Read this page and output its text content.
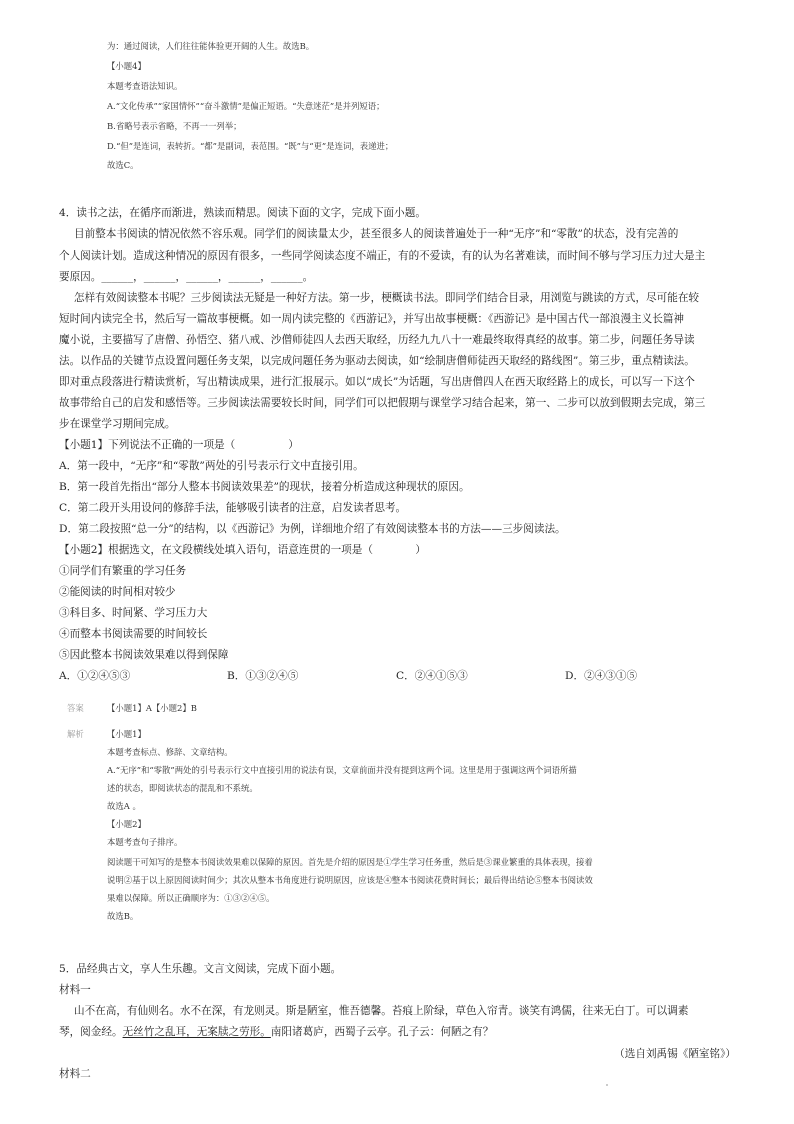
为：通过阅读，人们往往能体验更开阔的人生。故选B。
【小题4】
本题考查语法知识。
A.“文化传承”“家国情怀”“奋斗激情”是偏正短语。“失意迷茫”是并列短语；
B.省略号表示省略，不再一一列举；
D.“但”是连词，表转折。“都”是副词，表范围。“既”与“更”是连词，表递进；
故选C。
4．读书之法，在循序而渐进，熟读而精思。阅读下面的文字，完成下面小题。
目前整本书阅读的情况依然不容乐观。同学们的阅读量太少，甚至很多人的阅读普遍处于一种“无序”和“零散”的状态，没有完善的
个人阅读计划。造成这种情况的原因有很多，一些同学阅读态度不端正，有的不爱读，有的认为名著难读，而时间不够与学习压力过大是主
要原因。______，______，______，______，______。
怎样有效阅读整本书呢？三步阅读法无疑是一种好方法。第一步，梗概读书法。即同学们结合目录，用浏览与跳读的方式，尽可能在较
短时间内读完全书，然后写一篇故事梗概。如一周内读完整的《西游记》，并写出故事梗概：《西游记》是中国古代一部浪漫主义长篇神
魔小说，主要描写了唐僧、孙悟空、猪八戒、沙僧师徒四人去西天取经，历经九九八十一难最终取得真经的故事。第二步，问题任务导读
法。以作品的关键节点设置问题任务支架，以完成问题任务为驱动去阅读，如“绘制唐僧师徒西天取经的路线图”。第三步，重点精读法。
即对重点段落进行精读赏析，写出精读成果，进行汇报展示。如以“成长”为话题，写出唐僧四人在西天取经路上的成长，可以写一下这个
故事带给自己的启发和感悟等。三步阅读法需要较长时间，同学们可以把假期与课堂学习结合起来，第一、二步可以放到假期去完成，第三
步在课堂学习期间完成。
【小题1】下列说法不正确的一项是（　　　　　）
A．第一段中，“无序”和“零散”两处的引号表示行文中直接引用。
B．第一段首先指出“部分人整本书阅读效果差”的现状，接着分析造成这种现状的原因。
C．第二段开头用设问的修辞手法，能够吸引读者的注意，启发读者思考。
D．第二段按照“总一分”的结构，以《西游记》为例，详细地介绍了有效阅读整本书的方法——三步阅读法。
【小题2】根据选文，在文段横线处填入语句，语意连贯的一项是（　　　　）
①同学们有繁重的学习任务
②能阅读的时间相对较少
③科目多、时间紧、学习压力大
④而整本书阅读需要的时间较长
⑤因此整本书阅读效果难以得到保障
A．①②④⑤③	B．①③②④⑤	C．②④①⑤③	D．②④③①⑤
答案	【小题1】A【小题2】B
解析	【小题1】
本题考查标点、修辞、文章结构。
A.“无序”和“零散”两处的引号表示行文中直接引用的说法有误，文章前面并没有提到这两个词。这里是用于强调这两个词语所描
述的状态，即阅读状态的混乱和不系统。
故选A 。
【小题2】
本题考查句子排序。
阅读题干可知写的是整本书阅读效果难以保障的原因。首先是介绍的原因是①学生学习任务重，然后是③课业繁重的具体表现，接着
说明②基于以上原因阅读时间少；其次从整本书角度进行说明原因，应该是④整本书阅读花费时间长；最后得出结论⑤整本书阅读效
果难以保障。所以正确顺序为：①③②④⑤。
故选B。
5．品经典古文，享人生乐趣。文言文阅读，完成下面小题。
材料一
山不在高，有仙则名。水不在深，有龙则灵。斯是陋室，惟吾德馨。苔痕上阶绿，草色入帘青。谈笑有鸿儒，往来无白丁。可以调素
琴，阅金经。无丝竹之乱耳，无案牍之劳形。南阳诸葛庐，西蜀子云亭。孔子云：何陋之有？
（选自刘禹锡《陋室铭》）
材料二
